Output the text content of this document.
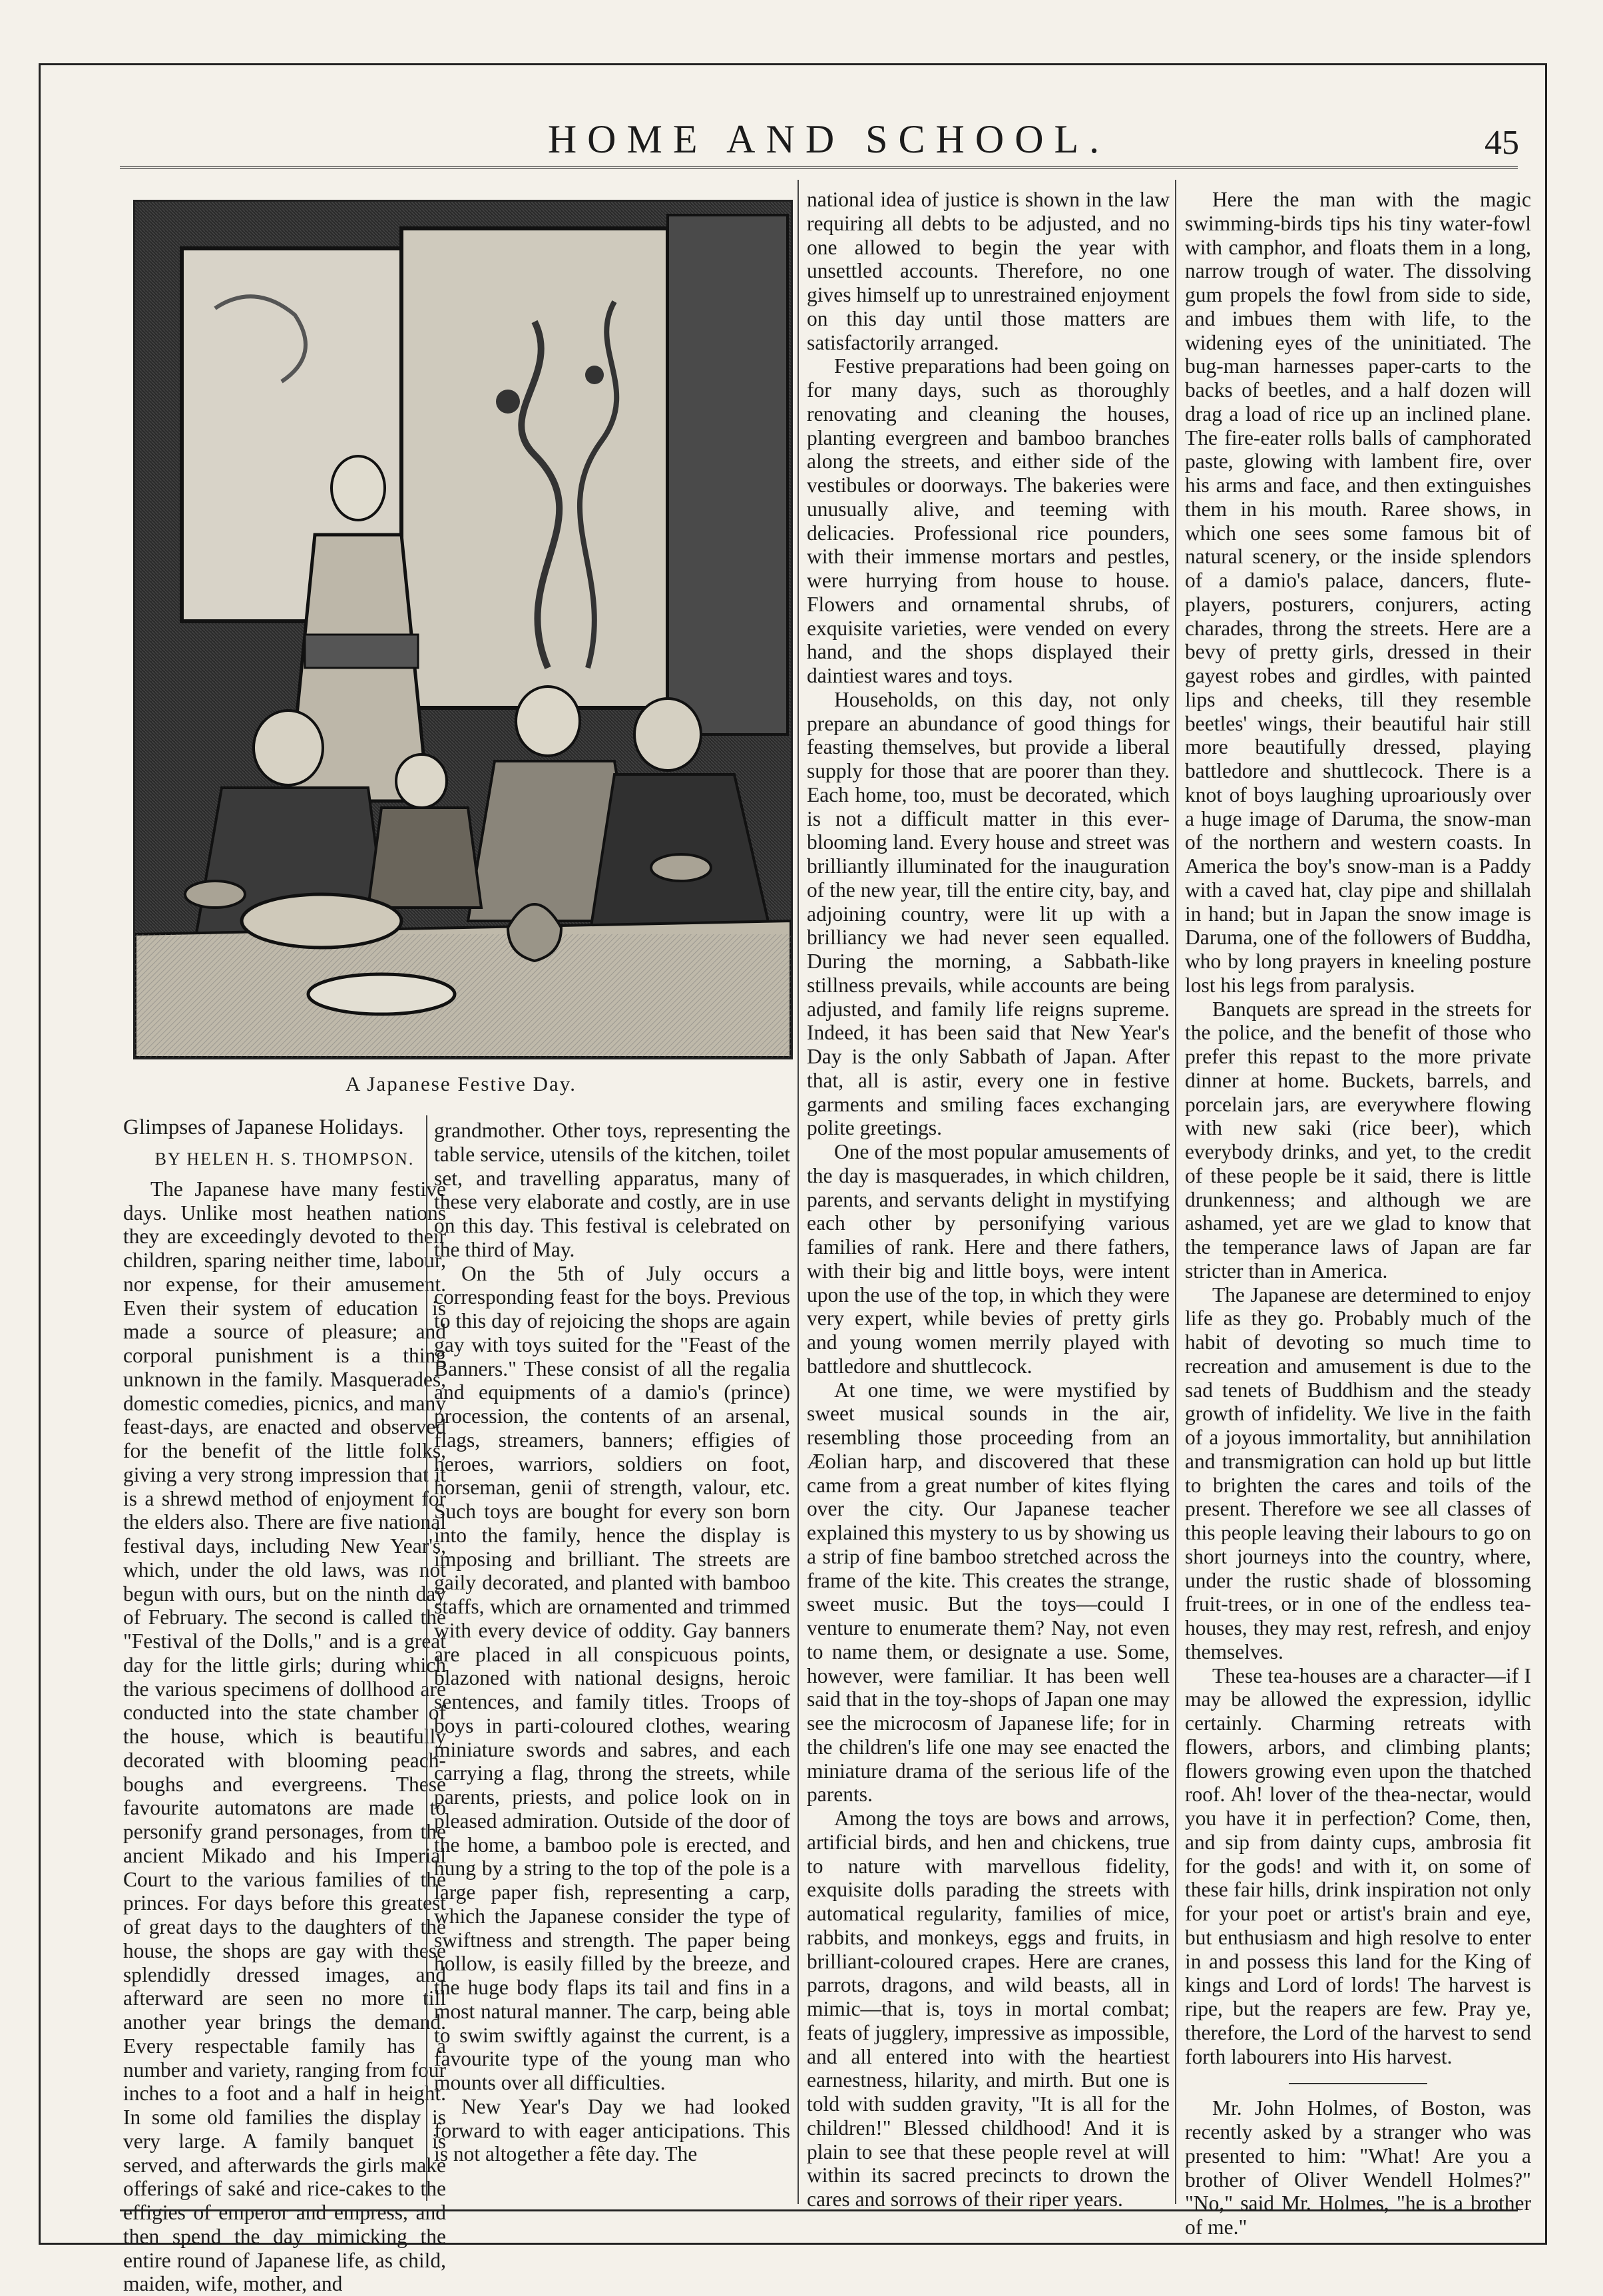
HOME AND SCHOOL.	45
A Japanese Festive Day.

Glimpses of Japanese Holidays.

BY HELEN H. S. THOMPSON.

The Japanese have many festive days. Unlike most heathen nations they are exceedingly devoted to their children, sparing neither time, labour, nor expense, for their amusement. Even their system of education is made a source of pleasure; and corporal punishment is a thing unknown in the family. Masquerades, domestic comedies, picnics, and many feast-days, are enacted and observed for the benefit of the little folks, giving a very strong impression that it is a shrewd method of enjoyment for the elders also. There are five national festival days, including New Year's, which, under the old laws, was not begun with ours, but on the ninth day of February. The second is called the "Festival of the Dolls," and is a great day for the little girls; during which the various specimens of dollhood are conducted into the state chamber of the house, which is beautifully decorated with blooming peach-boughs and evergreens. These favourite automatons are made to personify grand personages, from the ancient Mikado and his Imperial Court to the various families of the princes. For days before this greatest of great days to the daughters of the house, the shops are gay with these splendidly dressed images, and afterward are seen no more till another year brings the demand. Every respectable family has a number and variety, ranging from four inches to a foot and a half in height. In some old families the display is very large. A family banquet is served, and afterwards the girls make offerings of saké and rice-cakes to the effigies of emperor and empress, and then spend the day mimicking the entire round of Japanese life, as child, maiden, wife, mother, and

grandmother. Other toys, representing the table service, utensils of the kitchen, toilet set, and travelling apparatus, many of these very elaborate and costly, are in use on this day. This festival is celebrated on the third of May.

On the 5th of July occurs a corresponding feast for the boys. Previous to this day of rejoicing the shops are again gay with toys suited for the "Feast of the Banners." These consist of all the regalia and equipments of a damio's (prince) procession, the contents of an arsenal, flags, streamers, banners; effigies of heroes, warriors, soldiers on foot, horseman, genii of strength, valour, etc. Such toys are bought for every son born into the family, hence the display is imposing and brilliant. The streets are gaily decorated, and planted with bamboo staffs, which are ornamented and trimmed with every device of oddity. Gay banners are placed in all conspicuous points, blazoned with national designs, heroic sentences, and family titles. Troops of boys in parti-coloured clothes, wearing miniature swords and sabres, and each carrying a flag, throng the streets, while parents, priests, and police look on in pleased admiration. Outside of the door of the home, a bamboo pole is erected, and hung by a string to the top of the pole is a large paper fish, representing a carp, which the Japanese consider the type of swiftness and strength. The paper being hollow, is easily filled by the breeze, and the huge body flaps its tail and fins in a most natural manner. The carp, being able to swim swiftly against the current, is a favourite type of the young man who mounts over all difficulties.

New Year's Day we had looked forward to with eager anticipations. This is not altogether a fête day. The

national idea of justice is shown in the law requiring all debts to be adjusted, and no one allowed to begin the year with unsettled accounts. Therefore, no one gives himself up to unrestrained enjoyment on this day until those matters are satisfactorily arranged.

Festive preparations had been going on for many days, such as thoroughly renovating and cleaning the houses, planting evergreen and bamboo branches along the streets, and either side of the vestibules or doorways. The bakeries were unusually alive, and teeming with delicacies. Professional rice pounders, with their immense mortars and pestles, were hurrying from house to house. Flowers and ornamental shrubs, of exquisite varieties, were vended on every hand, and the shops displayed their daintiest wares and toys.

Households, on this day, not only prepare an abundance of good things for feasting themselves, but provide a liberal supply for those that are poorer than they. Each home, too, must be decorated, which is not a difficult matter in this ever-blooming land. Every house and street was brilliantly illuminated for the inauguration of the new year, till the entire city, bay, and adjoining country, were lit up with a brilliancy we had never seen equalled. During the morning, a Sabbath-like stillness prevails, while accounts are being adjusted, and family life reigns supreme. Indeed, it has been said that New Year's Day is the only Sabbath of Japan. After that, all is astir, every one in festive garments and smiling faces exchanging polite greetings.

One of the most popular amusements of the day is masquerades, in which children, parents, and servants delight in mystifying each other by personifying various families of rank. Here and there fathers, with their big and little boys, were intent upon the use of the top, in which they were very expert, while bevies of pretty girls and young women merrily played with battledore and shuttlecock.

At one time, we were mystified by sweet musical sounds in the air, resembling those proceeding from an Æolian harp, and discovered that these came from a great number of kites flying over the city. Our Japanese teacher explained this mystery to us by showing us a strip of fine bamboo stretched across the frame of the kite. This creates the strange, sweet music. But the toys—could I venture to enumerate them? Nay, not even to name them, or designate a use. Some, however, were familiar. It has been well said that in the toy-shops of Japan one may see the microcosm of Japanese life; for in the children's life one may see enacted the miniature drama of the serious life of the parents.

Among the toys are bows and arrows, artificial birds, and hen and chickens, true to nature with marvellous fidelity, exquisite dolls parading the streets with automatical regularity, families of mice, rabbits, and monkeys, eggs and fruits, in brilliant-coloured crapes. Here are cranes, parrots, dragons, and wild beasts, all in mimic—that is, toys in mortal combat; feats of jugglery, impressive as impossible, and all entered into with the heartiest earnestness, hilarity, and mirth. But one is told with sudden gravity, "It is all for the children!" Blessed childhood! And it is plain to see that these people revel at will within its sacred precincts to drown the cares and sorrows of their riper years.

Here the man with the magic swimming-birds tips his tiny water-fowl with camphor, and floats them in a long, narrow trough of water. The dissolving gum propels the fowl from side to side, and imbues them with life, to the widening eyes of the uninitiated. The bug-man harnesses paper-carts to the backs of beetles, and a half dozen will drag a load of rice up an inclined plane. The fire-eater rolls balls of camphorated paste, glowing with lambent fire, over his arms and face, and then extinguishes them in his mouth. Raree shows, in which one sees some famous bit of natural scenery, or the inside splendors of a damio's palace, dancers, flute-players, posturers, conjurers, acting charades, throng the streets. Here are a bevy of pretty girls, dressed in their gayest robes and girdles, with painted lips and cheeks, till they resemble beetles' wings, their beautiful hair still more beautifully dressed, playing battledore and shuttlecock. There is a knot of boys laughing uproariously over a huge image of Daruma, the snow-man of the northern and western coasts. In America the boy's snow-man is a Paddy with a caved hat, clay pipe and shillalah in hand; but in Japan the snow image is Daruma, one of the followers of Buddha, who by long prayers in kneeling posture lost his legs from paralysis.

Banquets are spread in the streets for the police, and the benefit of those who prefer this repast to the more private dinner at home. Buckets, barrels, and porcelain jars, are everywhere flowing with new saki (rice beer), which everybody drinks, and yet, to the credit of these people be it said, there is little drunkenness; and although we are ashamed, yet are we glad to know that the temperance laws of Japan are far stricter than in America.

The Japanese are determined to enjoy life as they go. Probably much of the habit of devoting so much time to recreation and amusement is due to the sad tenets of Buddhism and the steady growth of infidelity. We live in the faith of a joyous immortality, but annihilation and transmigration can hold up but little to brighten the cares and toils of the present. Therefore we see all classes of this people leaving their labours to go on short journeys into the country, where, under the rustic shade of blossoming fruit-trees, or in one of the endless tea-houses, they may rest, refresh, and enjoy themselves.

These tea-houses are a character—if I may be allowed the expression, idyllic certainly. Charming retreats with flowers, arbors, and climbing plants; flowers growing even upon the thatched roof. Ah! lover of the thea-nectar, would you have it in perfection? Come, then, and sip from dainty cups, ambrosia fit for the gods! and with it, on some of these fair hills, drink inspiration not only for your poet or artist's brain and eye, but enthusiasm and high resolve to enter in and possess this land for the King of kings and Lord of lords! The harvest is ripe, but the reapers are few. Pray ye, therefore, the Lord of the harvest to send forth labourers into His harvest.

Mr. John Holmes, of Boston, was recently asked by a stranger who was presented to him: "What! Are you a brother of Oliver Wendell Holmes?" "No," said Mr. Holmes, "he is a brother of me."
